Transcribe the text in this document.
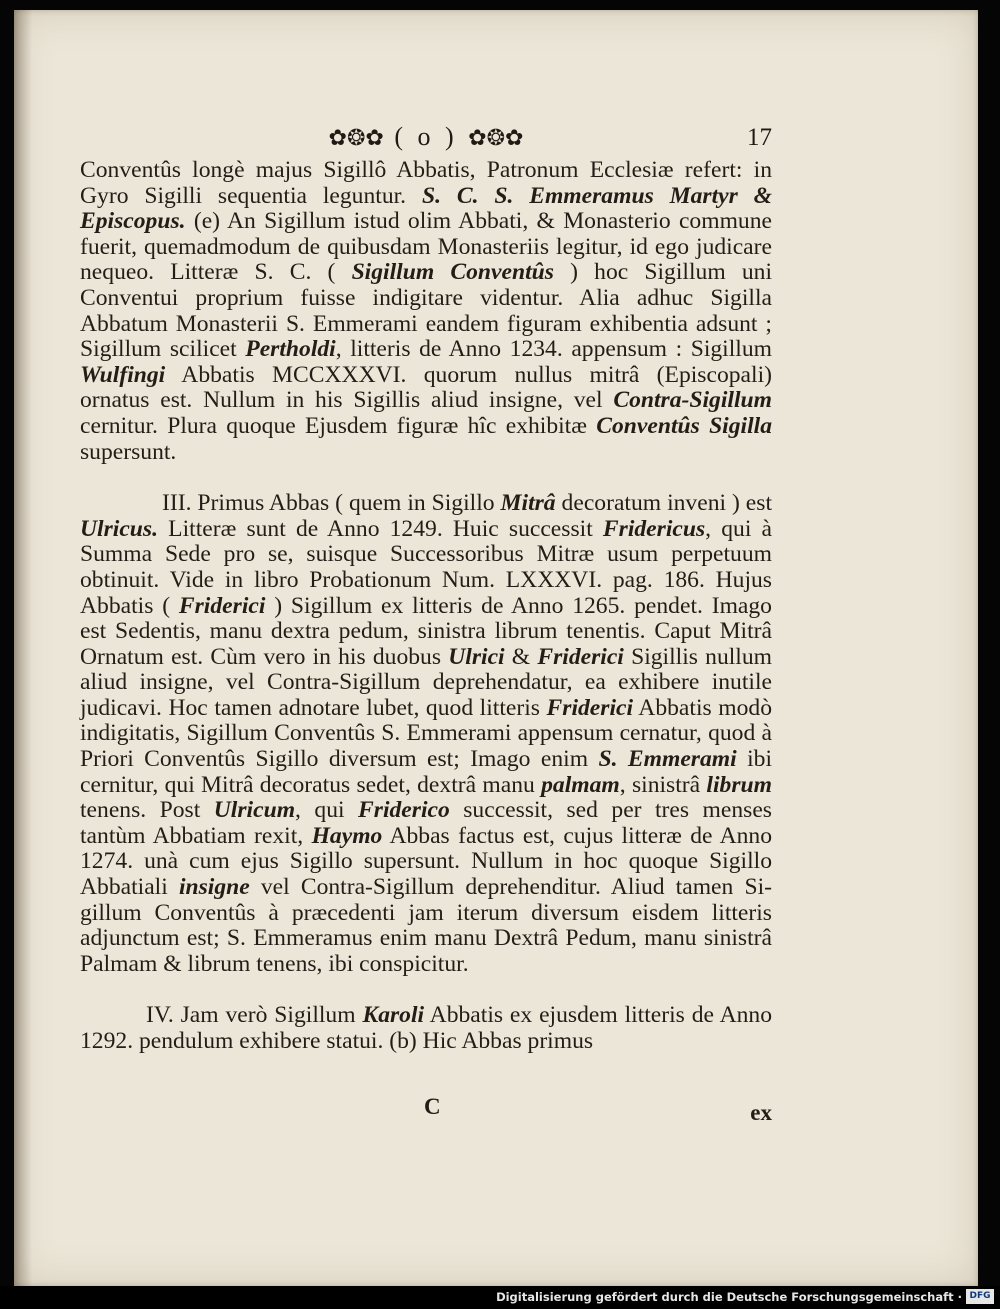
✿❂✿ ( o ) ✿❂✿	17

Conventûs longè majus Sigillô Abbatis, Patronum Ecclesiæ refert: in Gyro Sigilli sequentia leguntur. S. C. S. Emmeramus Martyr & Episcopus. (e) An Sigillum istud olim Abbati, & Monasterio commune fuerit, quemadmodum de quibusdam Monasteriis legitur, id ego judicare nequeo. Litteræ S. C. ( Sigillum Conventûs ) hoc Sigillum uni Conventui proprium fuisse indigitare videntur. Alia adhuc Sigilla Abbatum Monasterii S. Emmerami eandem figuram exhibentia adsunt ; Sigillum scilicet Pertholdi, litteris de Anno 1234. appensum : Sigillum Wulfingi Abbatis MCCXXXVI. quorum nullus mitrâ (Episcopali) ornatus est. Nullum in his Sigillis aliud insigne, vel Contra-Sigillum cernitur. Plura quoque Ejusdem figuræ hîc exhibitæ Conventûs Sigilla supersunt.

III. Primus Abbas ( quem in Sigillo Mitrâ decoratum inveni ) est Ulricus. Litteræ sunt de Anno 1249. Huic successit Fridericus, qui à Summa Sede pro se, suisque Successoribus Mitræ usum perpetuum obtinuit. Vide in libro Probationum Num. LXXXVI. pag. 186. Hujus Abbatis ( Friderici ) Sigillum ex litteris de Anno 1265. pendet. Imago est Sedentis, manu dextra pedum, sinistra librum tenentis. Caput Mitrâ Ornatum est. Cùm vero in his duobus Ulrici & Friderici Sigillis nullum aliud insigne, vel Contra-Sigillum deprehendatur, ea exhibere inutile judicavi. Hoc tamen adnotare lubet, quod litteris Friderici Abbatis modò indigitatis, Sigillum Conventûs S. Emmerami appensum cernatur, quod à Priori Conventûs Sigillo diversum est; Imago enim S. Emmerami ibi cernitur, qui Mitrâ decoratus sedet, dextrâ manu palmam, sinistrâ librum tenens. Post Ulricum, qui Friderico successit, sed per tres menses tantùm Abbatiam rexit, Haymo Abbas factus est, cujus litteræ de Anno 1274. unà cum ejus Sigillo supersunt. Nullum in hoc quoque Sigillo Abbatiali insigne vel Contra-Sigillum deprehenditur. Aliud tamen Sigillum Conventûs à præcedenti jam iterum diversum eisdem litteris adjunctum est; S. Emmeramus enim manu Dextrâ Pedum, manu sinistrâ Palmam & librum tenens, ibi conspicitur.

IV. Jam verò Sigillum Karoli Abbatis ex ejusdem litteris de Anno 1292. pendulum exhibere statui. (b) Hic Abbas primus

C	ex
Digitalisierung gefördert durch die Deutsche Forschungsgemeinschaft · DFG
